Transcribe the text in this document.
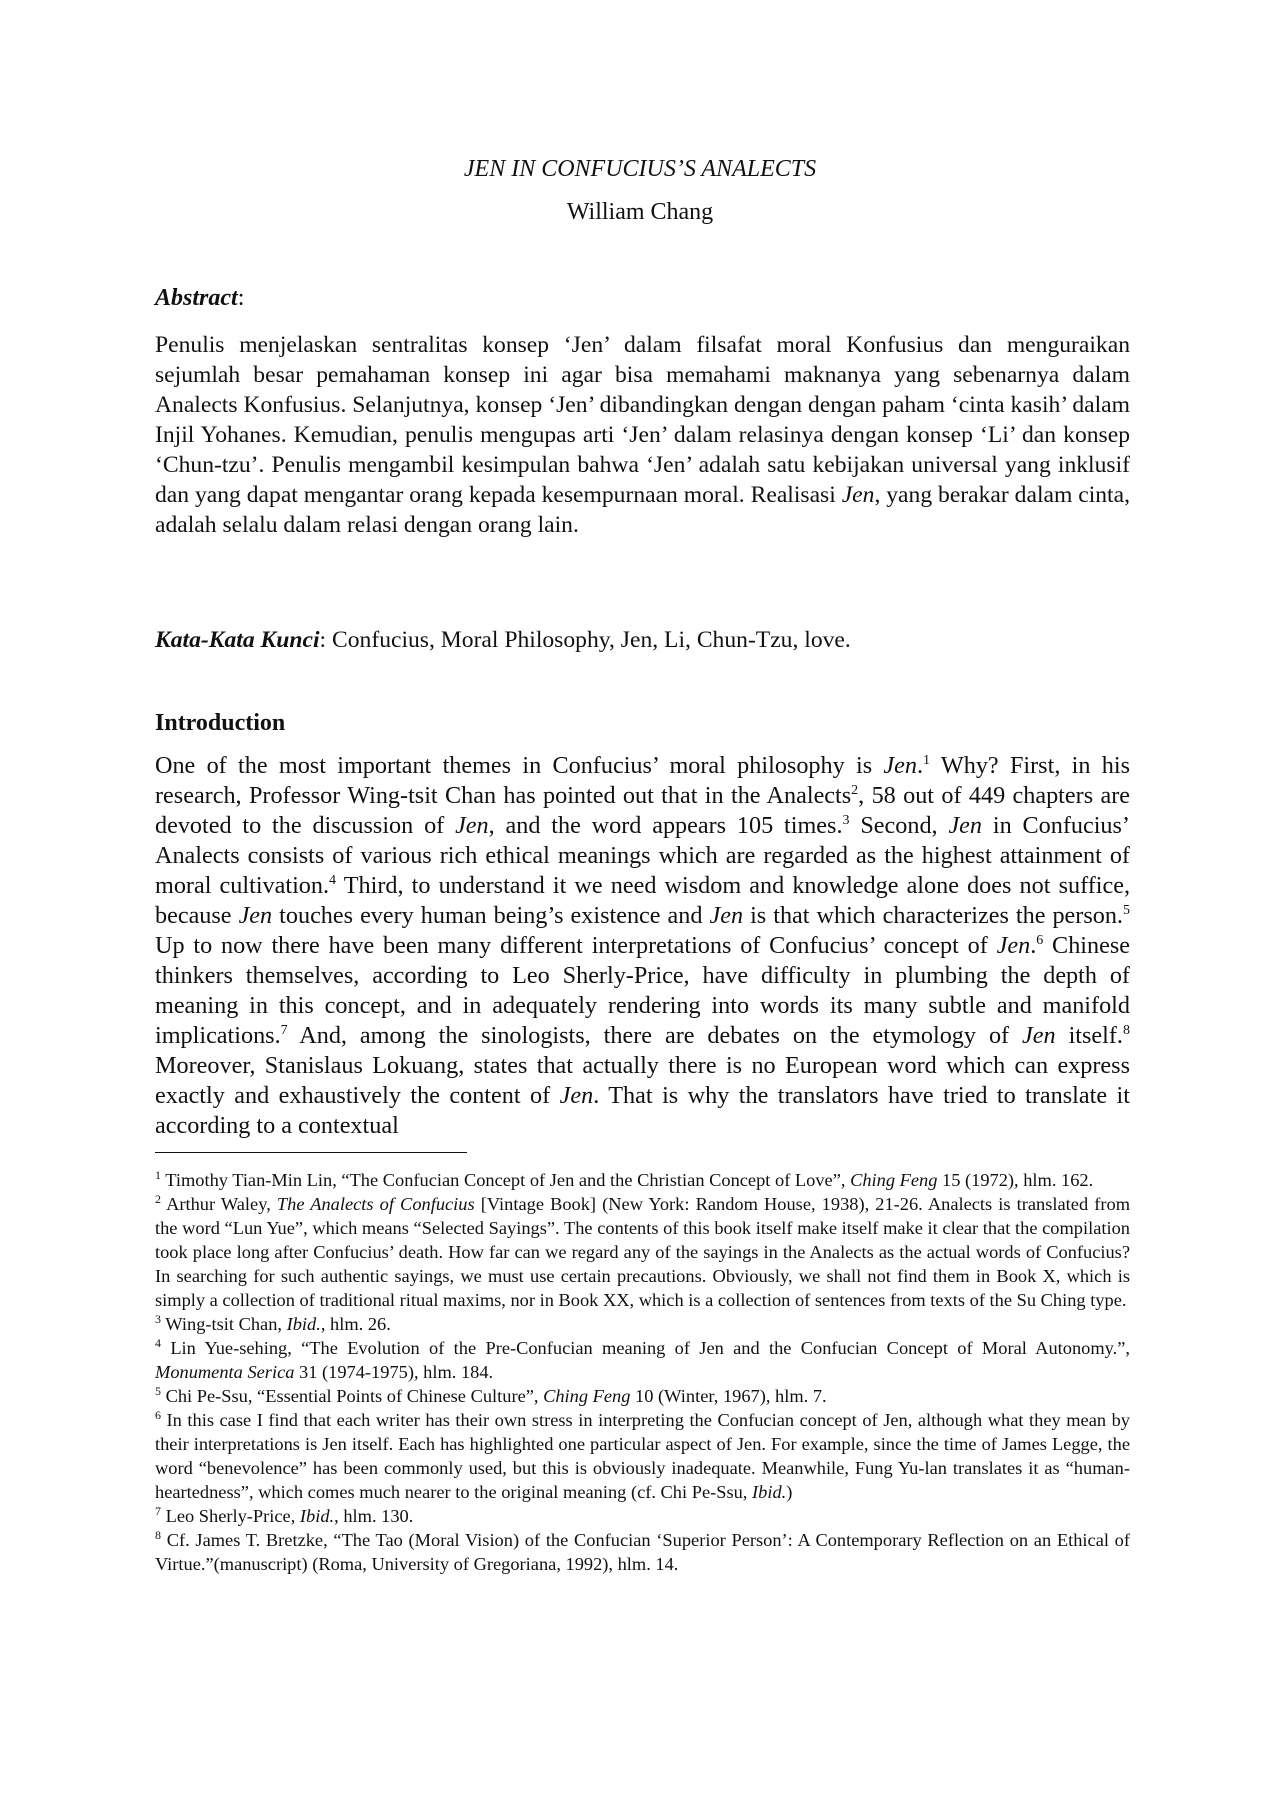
JEN IN CONFUCIUS’S ANALECTS
William Chang
Abstract:
Penulis menjelaskan sentralitas konsep ‘Jen’ dalam filsafat moral Konfusius dan menguraikan sejumlah besar pemahaman konsep ini agar bisa memahami maknanya yang sebenarnya dalam Analects Konfusius. Selanjutnya, konsep ‘Jen’ dibandingkan dengan dengan paham ‘cinta kasih’ dalam Injil Yohanes. Kemudian, penulis mengupas arti ‘Jen’ dalam relasinya dengan konsep ‘Li’ dan konsep ‘Chun-tzu’. Penulis mengambil kesimpulan bahwa ‘Jen’ adalah satu kebijakan universal yang inklusif dan yang dapat mengantar orang kepada kesempurnaan moral. Realisasi Jen, yang berakar dalam cinta, adalah selalu dalam relasi dengan orang lain.
Kata-Kata Kunci: Confucius, Moral Philosophy, Jen, Li, Chun-Tzu, love.
Introduction
One of the most important themes in Confucius’ moral philosophy is Jen.$^1$ Why? First, in his research, Professor Wing-tsit Chan has pointed out that in the Analects$^2$, 58 out of 449 chapters are devoted to the discussion of Jen, and the word appears 105 times.$^3$ Second, Jen in Confucius’ Analects consists of various rich ethical meanings which are regarded as the highest attainment of moral cultivation.$^4$ Third, to understand it we need wisdom and knowledge alone does not suffice, because Jen touches every human being’s existence and Jen is that which characterizes the person.$^5$ Up to now there have been many different interpretations of Confucius’ concept of Jen.$^6$ Chinese thinkers themselves, according to Leo Sherly-Price, have difficulty in plumbing the depth of meaning in this concept, and in adequately rendering into words its many subtle and manifold implications.$^7$ And, among the sinologists, there are debates on the etymology of Jen itself.$^8$ Moreover, Stanislaus Lokuang, states that actually there is no European word which can express exactly and exhaustively the content of Jen. That is why the translators have tried to translate it according to a contextual

$^1$ Timothy Tian-Min Lin, “The Confucian Concept of Jen and the Christian Concept of Love”, Ching Feng 15 (1972), hlm. 162.

$^2$ Arthur Waley, The Analects of Confucius [Vintage Book] (New York: Random House, 1938), 21-26. Analects is translated from the word “Lun Yue”, which means “Selected Sayings”. The contents of this book itself make itself make it clear that the compilation took place long after Confucius’ death. How far can we regard any of the sayings in the Analects as the actual words of Confucius? In searching for such authentic sayings, we must use certain precautions. Obviously, we shall not find them in Book X, which is simply a collection of traditional ritual maxims, nor in Book XX, which is a collection of sentences from texts of the Su Ching type.

$^3$ Wing-tsit Chan, Ibid., hlm. 26.

$^4$ Lin Yue-sehing, “The Evolution of the Pre-Confucian meaning of Jen and the Confucian Concept of Moral Autonomy.”, Monumenta Serica 31 (1974-1975), hlm. 184.

$^5$ Chi Pe-Ssu, “Essential Points of Chinese Culture”, Ching Feng 10 (Winter, 1967), hlm. 7.

$^6$ In this case I find that each writer has their own stress in interpreting the Confucian concept of Jen, although what they mean by their interpretations is Jen itself. Each has highlighted one particular aspect of Jen. For example, since the time of James Legge, the word “benevolence” has been commonly used, but this is obviously inadequate. Meanwhile, Fung Yu-lan translates it as “human-heartedness”, which comes much nearer to the original meaning (cf. Chi Pe-Ssu, Ibid.)

$^7$ Leo Sherly-Price, Ibid., hlm. 130.

$^8$ Cf. James T. Bretzke, “The Tao (Moral Vision) of the Confucian ‘Superior Person’: A Contemporary Reflection on an Ethical of Virtue.”(manuscript) (Roma, University of Gregoriana, 1992), hlm. 14.
